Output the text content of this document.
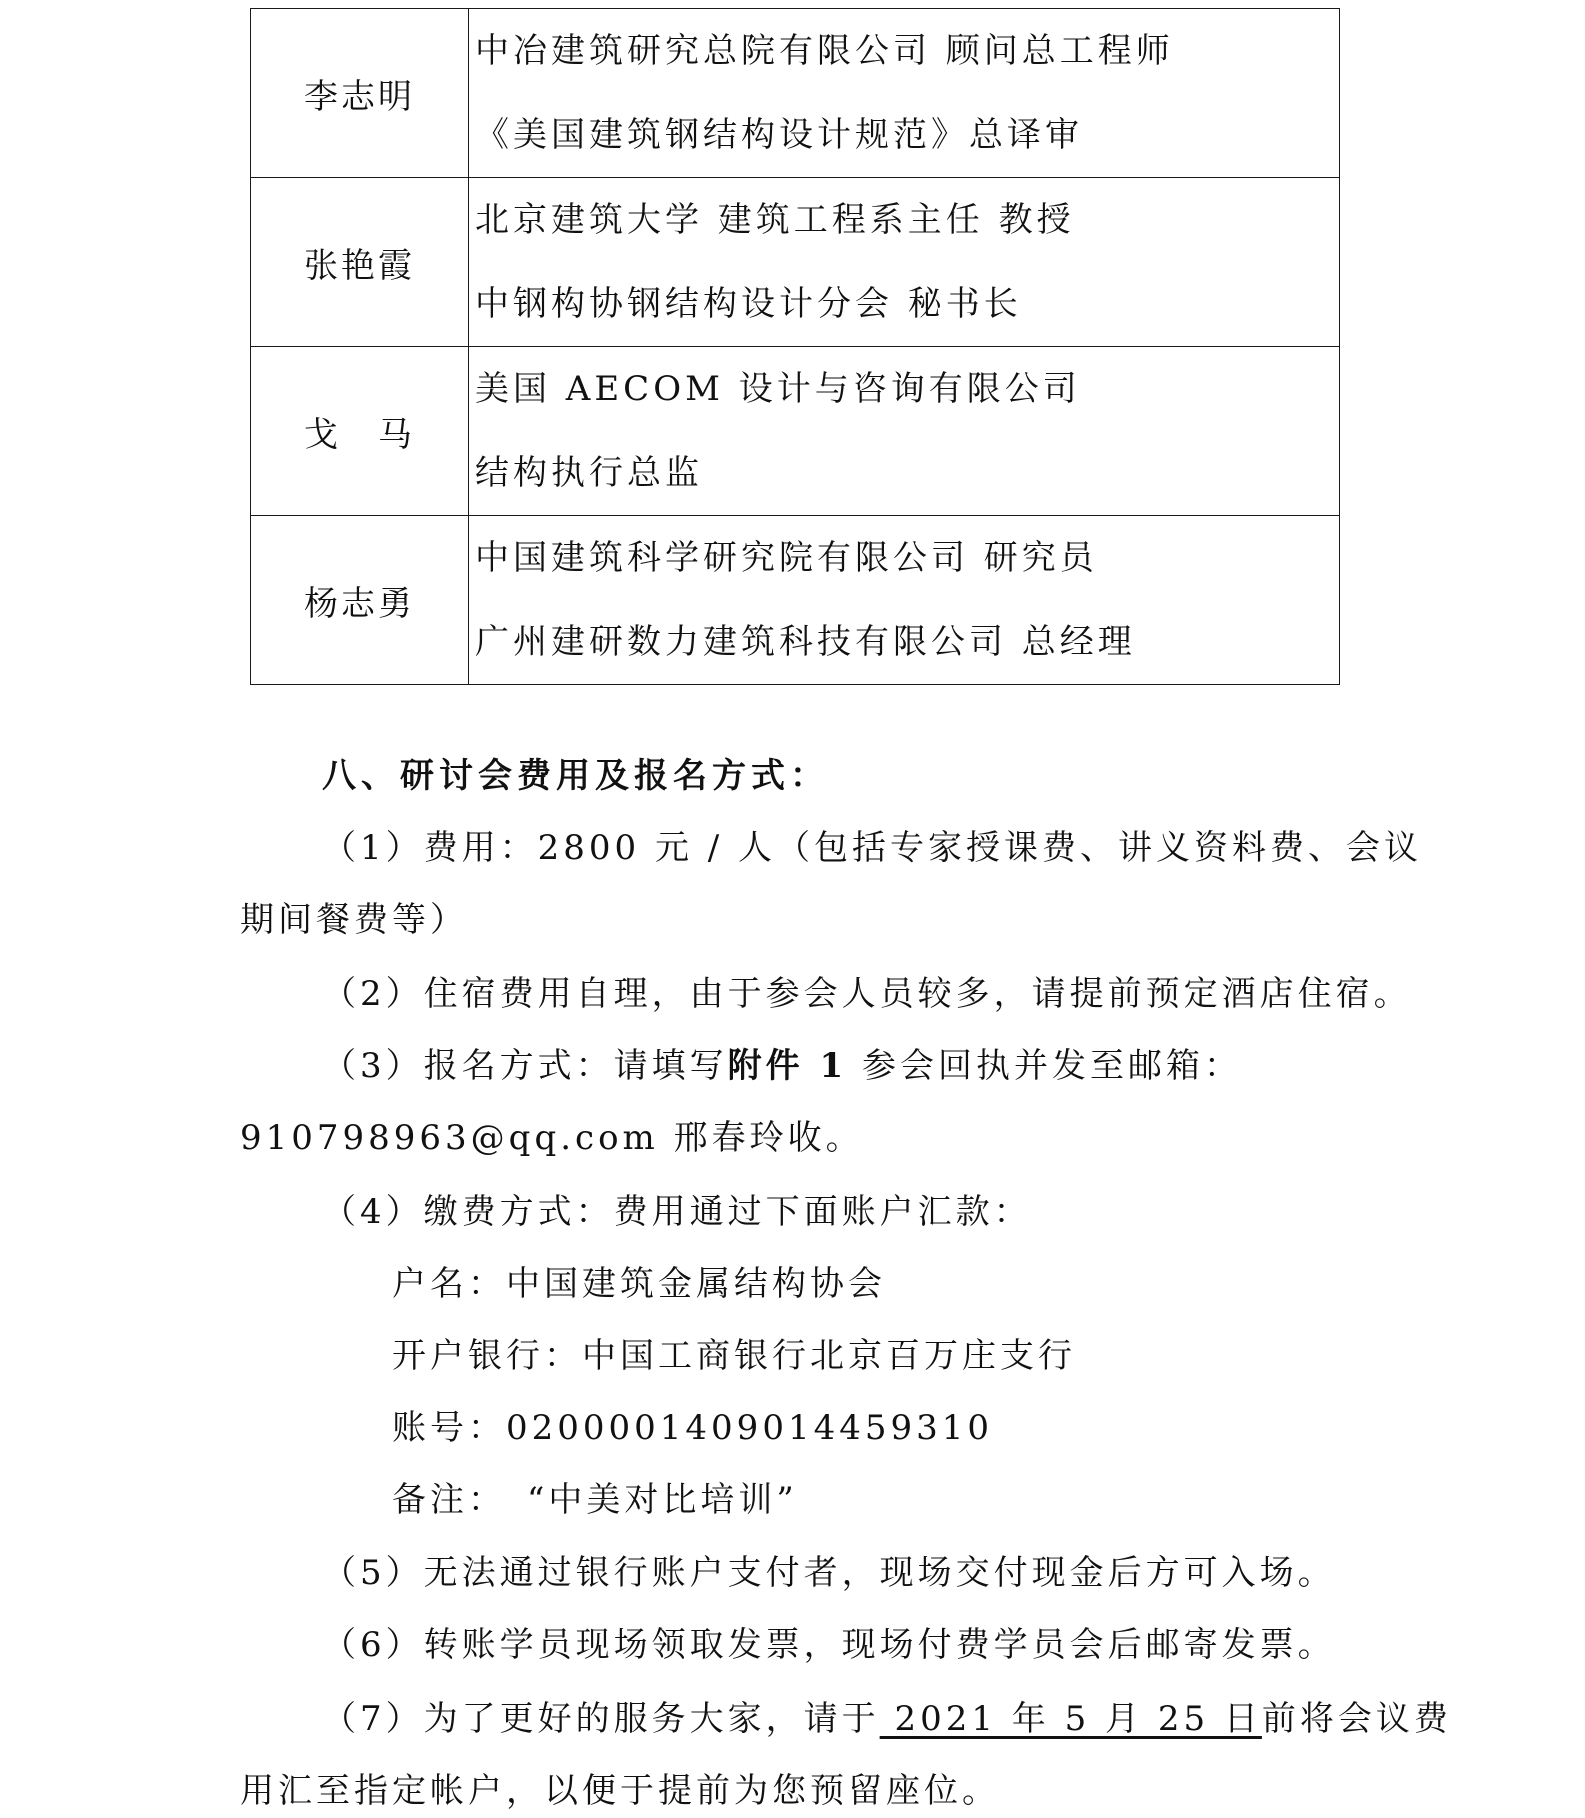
李志明	中冶建筑研究总院有限公司 顾问总工程师
《美国建筑钢结构设计规范》总译审

张艳霞	北京建筑大学 建筑工程系主任 教授
中钢构协钢结构设计分会 秘书长

戈　马	美国 AECOM 设计与咨询有限公司
结构执行总监

杨志勇	中国建筑科学研究院有限公司 研究员
广州建研数力建筑科技有限公司 总经理
八、研讨会费用及报名方式：
（1）费用：2800 元 / 人（包括专家授课费、讲义资料费、会议
期间餐费等）
（2）住宿费用自理，由于参会人员较多，请提前预定酒店住宿。
（3）报名方式：请填写附件 1 参会回执并发至邮箱：
910798963@qq.com 邢春玲收。
（4）缴费方式：费用通过下面账户汇款：
户名：中国建筑金属结构协会
开户银行：中国工商银行北京百万庄支行
账号：0200001409014459310
备注：　“中美对比培训”
（5）无法通过银行账户支付者，现场交付现金后方可入场。
（6）转账学员现场领取发票，现场付费学员会后邮寄发票。
（7）为了更好的服务大家，请于 2021 年 5 月 25 日前将会议费
用汇至指定帐户，以便于提前为您预留座位。
